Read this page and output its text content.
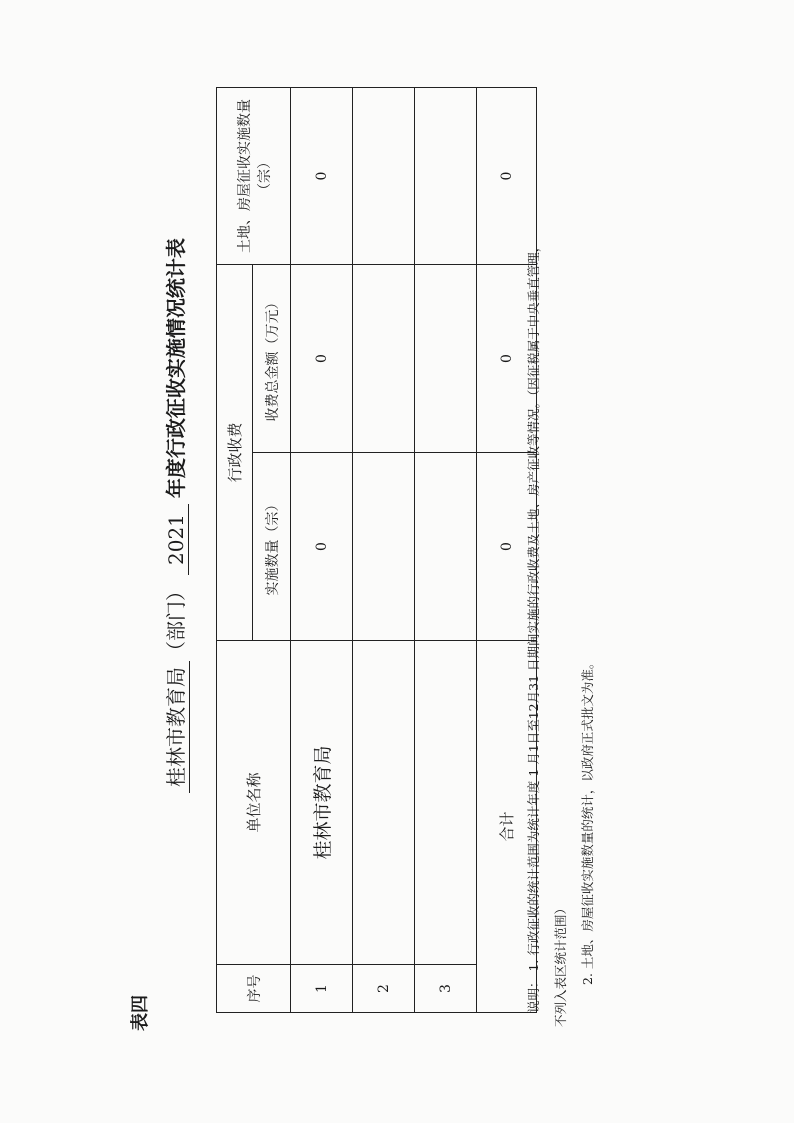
表四
桂林市教育局（部门）2021年度行政征收实施情况统计表
序号	单位名称	行政收费		土地、房屋征收实施数量（宗）
		实施数量（宗）	收费总金额（万元）	
1	桂林市教育局	0	0	0
2				
3				
合计		0	0	0
说明： 1. 行政征收的统计范围为统计年度 1 月1日至12月31 日期间实施的行政收费及土地、房产征收等情况。（因征税属于中央垂直管理， 不列入表区统计范围） 2. 土地、房屋征收实施数量的统计，以政府正式批文为准。
